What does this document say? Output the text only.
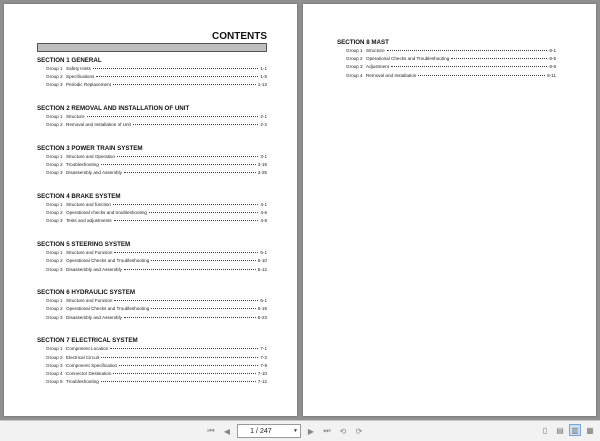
CONTENTS
SECTION 1 GENERAL
Group 1 Safety Hints	1-1
Group 2 Specifications	1-5
Group 3 Periodic Replacement	1-13
SECTION 2 REMOVAL AND INSTALLATION OF UNIT
Group 1 Structure	2-1
Group 2 Removal and Installation of Unit	2-2
SECTION 3 POWER TRAIN SYSTEM
Group 1 Structure and Operation	3-1
Group 2 Troubleshooting	3-19
Group 3 Disassembly and Assembly	3-25
SECTION 4 BRAKE SYSTEM
Group 1 Structure and function	4-1
Group 2 Operational checks and troubleshooting	4-6
Group 3 Tests and adjustments	4-8
SECTION 5 STEERING SYSTEM
Group 1 Structure and Function	5-1
Group 2 Operational Checks and Troubleshooting	5-10
Group 3 Disassembly and Assembly	5-12
SECTION 6 HYDRAULIC SYSTEM
Group 1 Structure and Function	6-1
Group 2 Operational Checks and Troubleshooting	6-19
Group 3 Disassembly and Assembly	6-23
SECTION 7 ELECTRICAL SYSTEM
Group 1 Component Location	7-1
Group 2 Electrical Circuit	7-2
Group 3 Component Specification	7-9
Group 4 Connector Destination	7-10
Group 5 Troubleshooting	7-12
SECTION 8 MAST
Group 1 Structure	8-1
Group 2 Operational Checks and Troubleshooting	8-5
Group 3 Adjustment	8-8
Group 4 Removal and Installation	8-11
⏮	◀
1	/ 247	▼	▶	⏭	⟲	⟳	▯	▤ ▥ ▦
